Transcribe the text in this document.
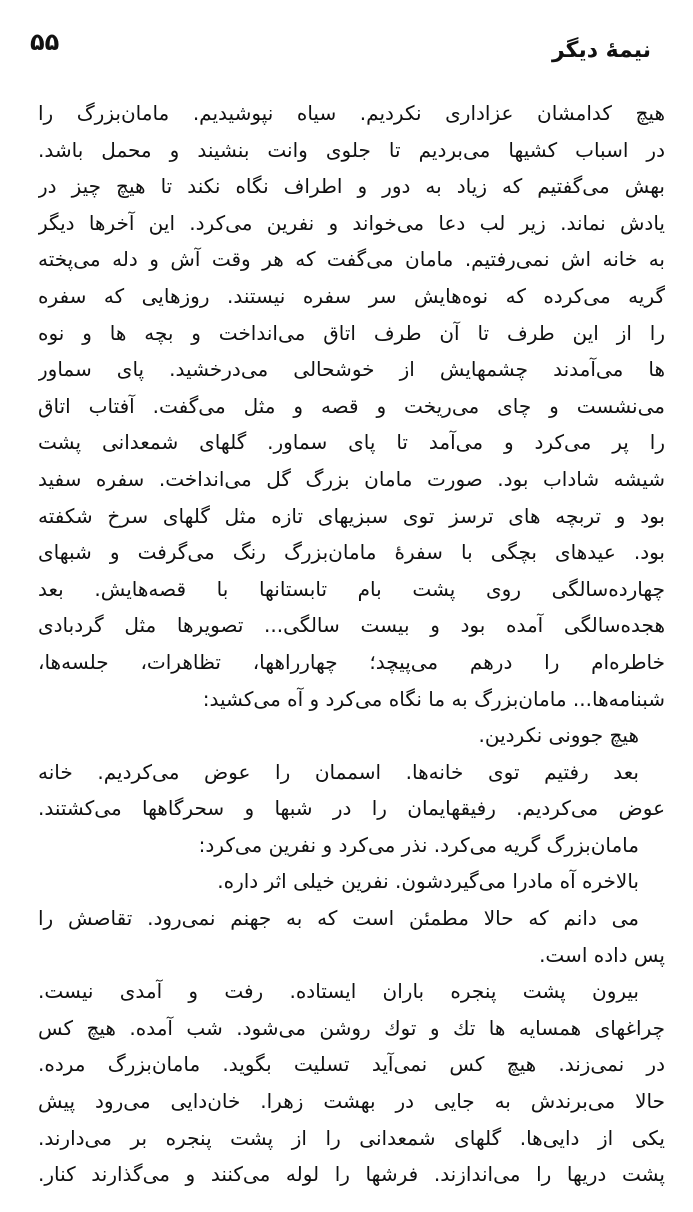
۵۵	نیمهٔ دیگر
هیچ کدامشان عزاداری نکردیم. سیاه نپوشیدیم. مامان‌بزرگ را
در اسباب کشیها می‌بردیم تا جلوی وانت بنشیند و محمل باشد.
بهش می‌گفتیم که زیاد به دور و اطراف نگاه نکند تا هیچ چیز در
یادش نماند. زیر لب دعا می‌خواند و نفرین می‌کرد. این آخرها دیگر
به خانه اش نمی‌رفتیم. مامان می‌گفت که هر وقت آش و دله می‌پخته
گریه می‌کرده که نوه‌هایش سر سفره نیستند. روزهایی که سفره
را از این طرف تا آن طرف اتاق می‌انداخت و بچه ها و نوه
ها می‌آمدند چشمهایش از خوشحالی می‌درخشید. پای سماور
می‌نشست و چای می‌ریخت و قصه و مثل می‌گفت. آفتاب اتاق
را پر می‌کرد و می‌آمد تا پای سماور. گلهای شمعدانی پشت
شیشه شاداب بود. صورت مامان بزرگ گل می‌انداخت. سفره سفید
بود و تربچه های ترسز توی سبزیهای تازه مثل گلهای سرخ شکفته
بود. عیدهای بچگی با سفرهٔ مامان‌بزرگ رنگ می‌گرفت و شبهای
چهارده‌سالگی روی پشت بام تابستانها با قصه‌هایش. بعد
هجده‌سالگی آمده بود و بیست سالگی... تصویرها مثل گردبادی
خاطره‌ام را درهم می‌پیچد؛ چهارراهها، تظاهرات، جلسه‌ها،
شبنامه‌ها... مامان‌بزرگ به ما نگاه می‌کرد و آه می‌کشید:
هیچ جوونی نکردین.
بعد رفتیم توی خانه‌ها. اسممان را عوض می‌کردیم. خانه
عوض می‌کردیم. رفیقهایمان را در شبها و سحرگاهها می‌کشتند.
مامان‌بزرگ گریه می‌کرد. نذر می‌کرد و نفرین می‌کرد:
بالاخره آه مادرا می‌گیردشون. نفرین خیلی اثر داره.
می دانم که حالا مطمئن است که به جهنم نمی‌رود. تقاصش را
پس داده است.
بیرون پشت پنجره باران ایستاده. رفت و آمدی نیست.
چراغهای همسایه ها تك و توك روشن می‌شود. شب آمده. هیچ کس
در نمی‌زند. هیچ کس نمی‌آید تسلیت بگوید. مامان‌بزرگ مرده.
حالا می‌برندش به جایی در بهشت زهرا. خان‌دایی می‌رود پیش
یکی از دایی‌ها. گلهای شمعدانی را از پشت پنجره بر می‌دارند.
پشت دریها را می‌اندازند. فرشها را لوله می‌کنند و می‌گذارند کنار.
